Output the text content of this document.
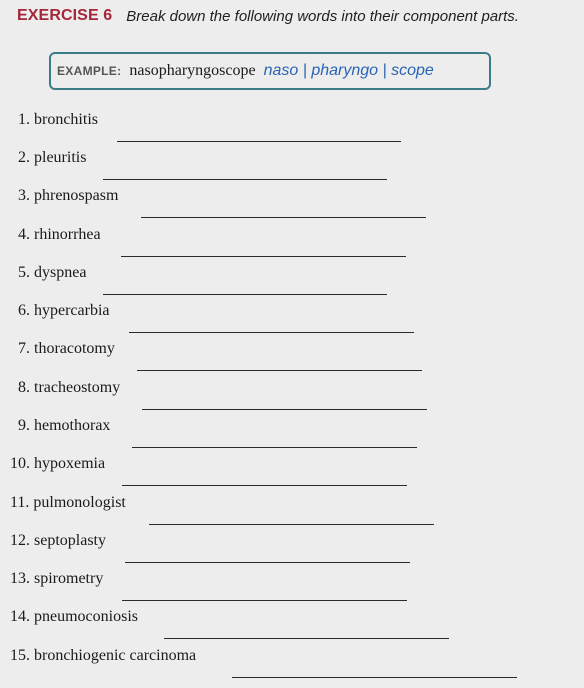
EXERCISE 6 Break down the following words into their component parts.
EXAMPLE: nasopharyngoscope naso | pharyngo | scope
1. bronchitis
2. pleuritis
3. phrenospasm
4. rhinorrhea
5. dyspnea
6. hypercarbia
7. thoracotomy
8. tracheostomy
9. hemothorax
10. hypoxemia
11. pulmonologist
12. septoplasty
13. spirometry
14. pneumoconiosis
15. bronchiogenic carcinoma
